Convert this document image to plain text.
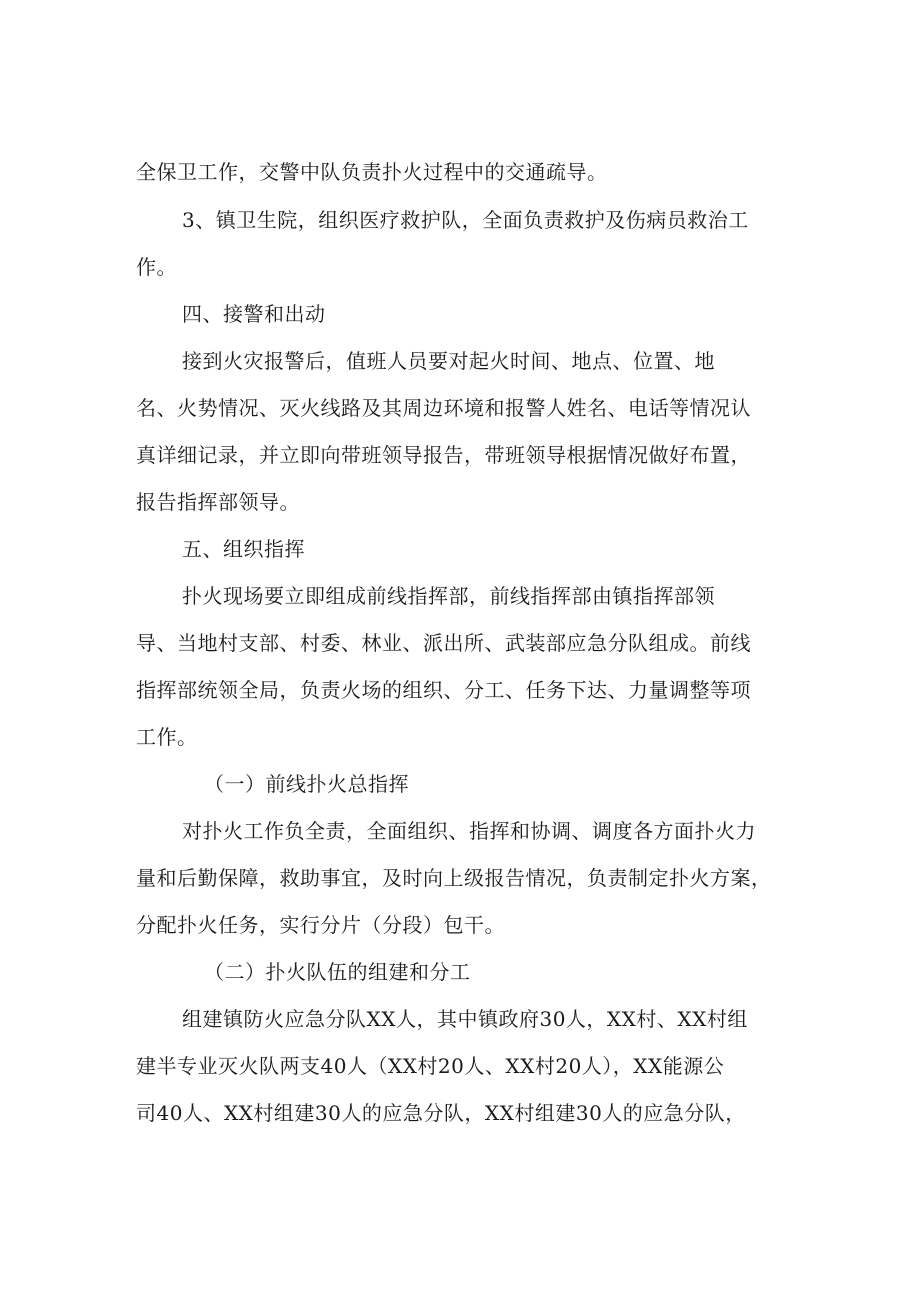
全保卫工作，交警中队负责扑火过程中的交通疏导。
3、镇卫生院，组织医疗救护队，全面负责救护及伤病员救治工
作。
四、接警和出动
接到火灾报警后，值班人员要对起火时间、地点、位置、地
名、火势情况、灭火线路及其周边环境和报警人姓名、电话等情况认
真详细记录，并立即向带班领导报告，带班领导根据情况做好布置，
报告指挥部领导。
五、组织指挥
扑火现场要立即组成前线指挥部，前线指挥部由镇指挥部领
导、当地村支部、村委、林业、派出所、武装部应急分队组成。前线
指挥部统领全局，负责火场的组织、分工、任务下达、力量调整等项
工作。
（一）前线扑火总指挥
对扑火工作负全责，全面组织、指挥和协调、调度各方面扑火力
量和后勤保障，救助事宜，及时向上级报告情况，负责制定扑火方案，
分配扑火任务，实行分片（分段）包干。
（二）扑火队伍的组建和分工
组建镇防火应急分队XX人，其中镇政府30人，XX村、XX村组
建半专业灭火队两支40人（XX村20人、XX村20人），XX能源公
司40人、XX村组建30人的应急分队，XX村组建30人的应急分队，
